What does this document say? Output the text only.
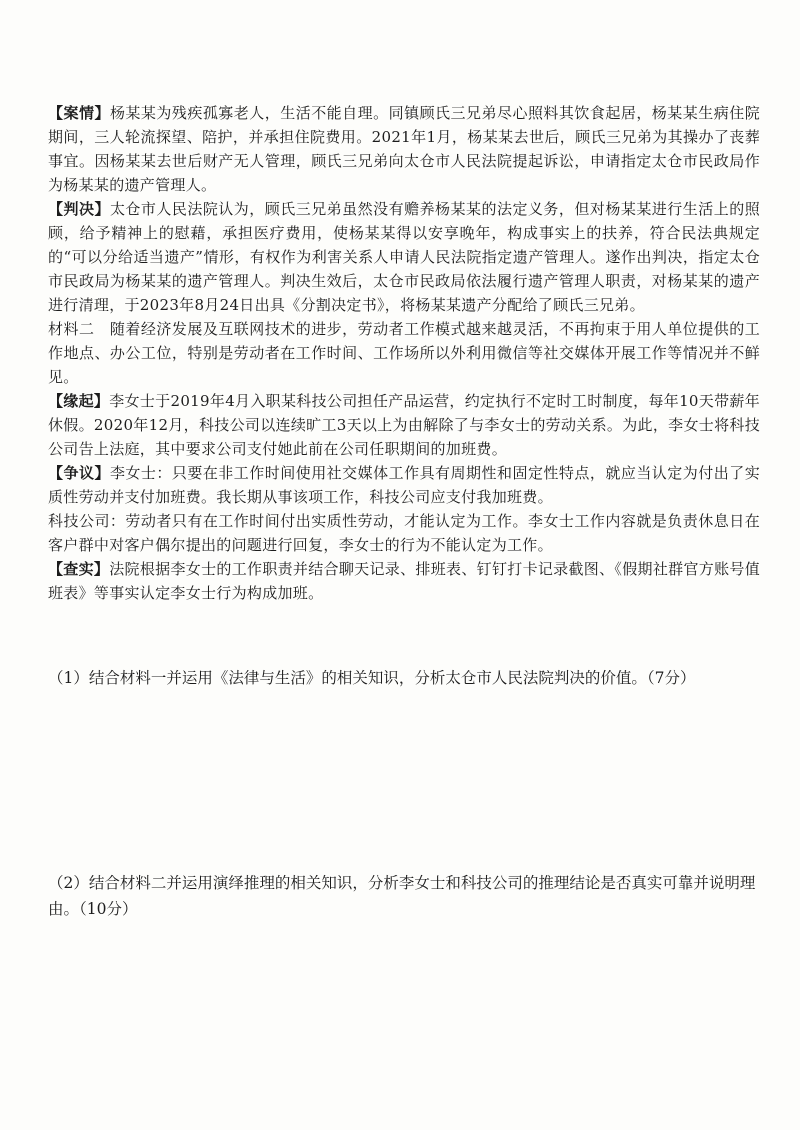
【案情】杨某某为残疾孤寡老人，生活不能自理。同镇顾氏三兄弟尽心照料其饮食起居，杨某某生病住院期间，三人轮流探望、陪护，并承担住院费用。2021年1月，杨某某去世后，顾氏三兄弟为其操办了丧葬事宜。因杨某某去世后财产无人管理，顾氏三兄弟向太仓市人民法院提起诉讼，申请指定太仓市民政局作为杨某某的遗产管理人。

【判决】太仓市人民法院认为，顾氏三兄弟虽然没有赡养杨某某的法定义务，但对杨某某进行生活上的照顾，给予精神上的慰藉，承担医疗费用，使杨某某得以安享晚年，构成事实上的扶养，符合民法典规定的“可以分给适当遗产”情形，有权作为利害关系人申请人民法院指定遗产管理人。遂作出判决，指定太仓市民政局为杨某某的遗产管理人。判决生效后，太仓市民政局依法履行遗产管理人职责，对杨某某的遗产进行清理，于2023年8月24日出具《分割决定书》，将杨某某遗产分配给了顾氏三兄弟。

材料二　随着经济发展及互联网技术的进步，劳动者工作模式越来越灵活，不再拘束于用人单位提供的工作地点、办公工位，特别是劳动者在工作时间、工作场所以外利用微信等社交媒体开展工作等情况并不鲜见。

【缘起】李女士于2019年4月入职某科技公司担任产品运营，约定执行不定时工时制度，每年10天带薪年休假。2020年12月，科技公司以连续旷工3天以上为由解除了与李女士的劳动关系。为此，李女士将科技公司告上法庭，其中要求公司支付她此前在公司任职期间的加班费。

【争议】李女士：只要在非工作时间使用社交媒体工作具有周期性和固定性特点，就应当认定为付出了实质性劳动并支付加班费。我长期从事该项工作，科技公司应支付我加班费。

科技公司：劳动者只有在工作时间付出实质性劳动，才能认定为工作。李女士工作内容就是负责休息日在客户群中对客户偶尔提出的问题进行回复，李女士的行为不能认定为工作。

【查实】法院根据李女士的工作职责并结合聊天记录、排班表、钉钉打卡记录截图、《假期社群官方账号值班表》等事实认定李女士行为构成加班。

（1）结合材料一并运用《法律与生活》的相关知识，分析太仓市人民法院判决的价值。（7分）

（2）结合材料二并运用演绎推理的相关知识，分析李女士和科技公司的推理结论是否真实可靠并说明理由。（10分）
